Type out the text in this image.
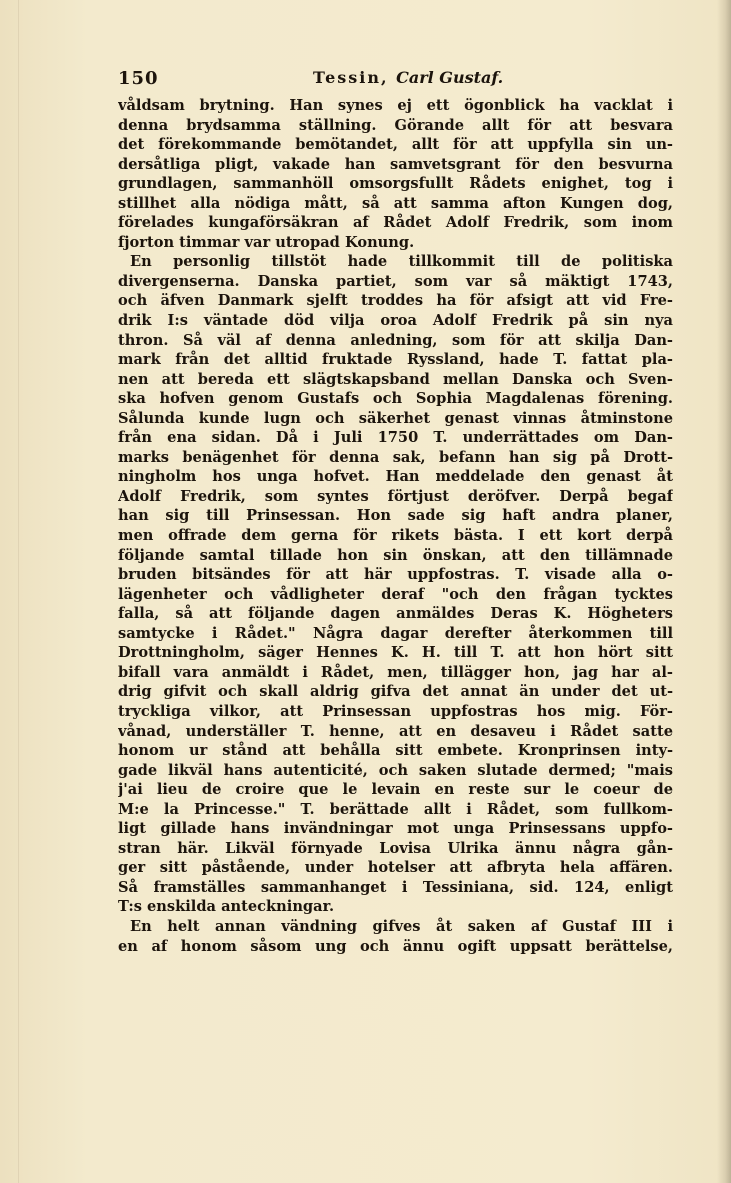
150	Tessin, Carl Gustaf.
våldsam brytning. Han synes ej ett ögonblick ha vacklat i
denna brydsamma ställning. Görande allt för att besvara
det förekommande bemötandet, allt för att uppfylla sin un-
dersåtliga pligt, vakade han samvetsgrant för den besvurna
grundlagen, sammanhöll omsorgsfullt Rådets enighet, tog i
stillhet alla nödiga mått, så att samma afton Kungen dog,
förelades kungaförsäkran af Rådet Adolf Fredrik, som inom
fjorton timmar var utropad Konung.
En personlig tillstöt hade tillkommit till de politiska
divergenserna. Danska partiet, som var så mäktigt 1743,
och äfven Danmark sjelft troddes ha för afsigt att vid Fre-
drik I:s väntade död vilja oroa Adolf Fredrik på sin nya
thron. Så väl af denna anledning, som för att skilja Dan-
mark från det alltid fruktade Ryssland, hade T. fattat pla-
nen att bereda ett slägtskapsband mellan Danska och Sven-
ska hofven genom Gustafs och Sophia Magdalenas förening.
Sålunda kunde lugn och säkerhet genast vinnas åtminstone
från ena sidan. Då i Juli 1750 T. underrättades om Dan-
marks benägenhet för denna sak, befann han sig på Drott-
ningholm hos unga hofvet. Han meddelade den genast åt
Adolf Fredrik, som syntes förtjust deröfver. Derpå begaf
han sig till Prinsessan. Hon sade sig haft andra planer,
men offrade dem gerna för rikets bästa. I ett kort derpå
följande samtal tillade hon sin önskan, att den tillämnade
bruden bitsändes för att här uppfostras. T. visade alla o-
lägenheter och vådligheter deraf "och den frågan tycktes
falla, så att följande dagen anmäldes Deras K. Högheters
samtycke i Rådet." Några dagar derefter återkommen till
Drottningholm, säger Hennes K. H. till T. att hon hört sitt
bifall vara anmäldt i Rådet, men, tillägger hon, jag har al-
drig gifvit och skall aldrig gifva det annat än under det ut-
tryckliga vilkor, att Prinsessan uppfostras hos mig. För-
vånad, underställer T. henne, att en desaveu i Rådet satte
honom ur stånd att behålla sitt embete. Kronprinsen inty-
gade likväl hans autenticité, och saken slutade dermed; "mais
j'ai lieu de croire que le levain en reste sur le coeur de
M:e la Princesse." T. berättade allt i Rådet, som fullkom-
ligt gillade hans invändningar mot unga Prinsessans uppfo-
stran här. Likväl förnyade Lovisa Ulrika ännu några gån-
ger sitt påstående, under hotelser att afbryta hela affären.
Så framställes sammanhanget i Tessiniana, sid. 124, enligt
T:s enskilda anteckningar.
En helt annan vändning gifves åt saken af Gustaf III i
en af honom såsom ung och ännu ogift uppsatt berättelse,
